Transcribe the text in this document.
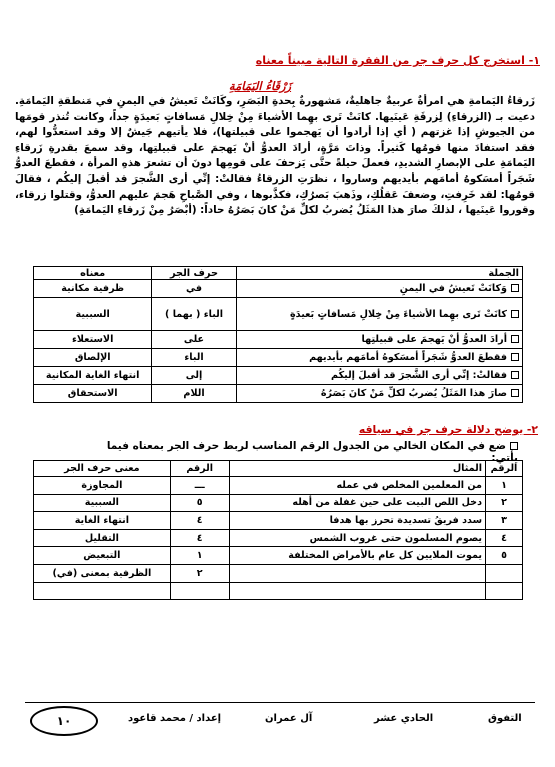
١- استخرج كل حرف جر من الفقرة التالية مبيناً معناه
زَرْقَاءُ اليَمَامَةِ
زَرقاءُ اليَمامةِ هي امرأةٌ عربيةٌ جاهليةٌ، مَشهورةٌ بِحدةِ البَصَرِ، وكَانَتْ تَعيشُ في اليمنِ في مَنطقةِ اليَمامَةِ. دعيت بـ (الزرقاءِ) لِزرقَةِ عَينَيها. كانَتْ تَرى بهِما الأشياءَ مِنْ خِلالِ مَسافاتٍ بَعيدَةٍ جداً، وكانت تُنذر قومَها من الجيوشِ إذا غزتهم ( أي إذا أرادوا أن يَهجموا على قبيلتها)، فلا يأتيهم جَيشٌ إلا وقد استعدُّوا لهم، فقد استفادَ منها قومُها كَثيراً. وذاتَ مَرَّةٍ، أرادَ العدوُّ أنْ يَهجمَ على قبيلتِها، وقد سمعَ بقدرةِ زَرقاءِ اليَمامَةِ على الإبصارِ الشديدِ، فعملَ حيلةً حتَّى يَزحفَ على قومِها دونَ أن تشعرَ هذهِ المرأة ، فقطعَ العدوُّ شَجَراً أمسَكوهُ أمامَهم بأيديهم وساروا ، نظرَتِ الزرقاءُ فقالتْ: إنِّي أرى الشَّجرَ قد أقبلَ إليكُم ، فقالَ قومُها: لقد خَرِفتِ، وضعفَ عَقلُكِ، وذَهبَ بَصرُكِ، فكذَّبوها ، وفي الصَّباحِ هَجمَ عليهم العدوُّ، وقتلوا زرقاء، وقوروا عَينَيها ، لذلكَ صارَ هذا المَثَلُ يُضربُ لكلِّ مَنْ كانَ بَصَرُهُ حاداً: (أبْصَرُ مِنْ زَرقاءِ اليَمامَةِ)
الجملة	حرف الجر	معناه
وَكانَتْ تَعيشُ في اليمنِ	في	ظرفية مكانية
كانَتْ تَرى بهِما الأشياءَ مِنْ خِلالِ مَسافاتٍ بَعيدَةٍ	الباء ( بهما )	السببية
أرادَ العدوُّ أنْ يَهجمَ على قبيلتِها	على	الاستعلاء
فقطعَ العدوُّ شَجَراً أمسَكوهُ أمامَهم بأيديهم	الباء	الإلصاق
فقالتْ: إنِّي أرى الشَّجرَ قد أقبلَ إليكُم	إلى	انتهاء الغاية المكانية
صارَ هذا المَثَلُ يُضربُ لكلِّ مَنْ كانَ بَصَرُهُ	اللام	الاستحقاق
٢- يوضح دلالة حرف جر في سياقه
ضع في المكان الخالي من الجدول الرقم المناسب لربط حرف الجر بمعناه فيما يأتي:
الرقم	المثال	الرقم	معنى حرف الجر
١	من المعلمين المخلص في عمله	ـــ	المجاوزة
٢	دخل اللص البيت على حين غفلة من أهله	٥	السببية
٣	سدد فريقُ تسديدة تحرز بها هدفا	٤	انتهاء الغاية
٤	يصوم المسلمون حتى غروب الشمس	٤	التقليل
٥	يموت الملايين كل عام بالأمراض المختلفة	١	التبعيض
		٢	الظرفية بمعنى (في)

١٠	إعداد / محمد قاعود	آل عمران	الحادي عشر	التفوق
